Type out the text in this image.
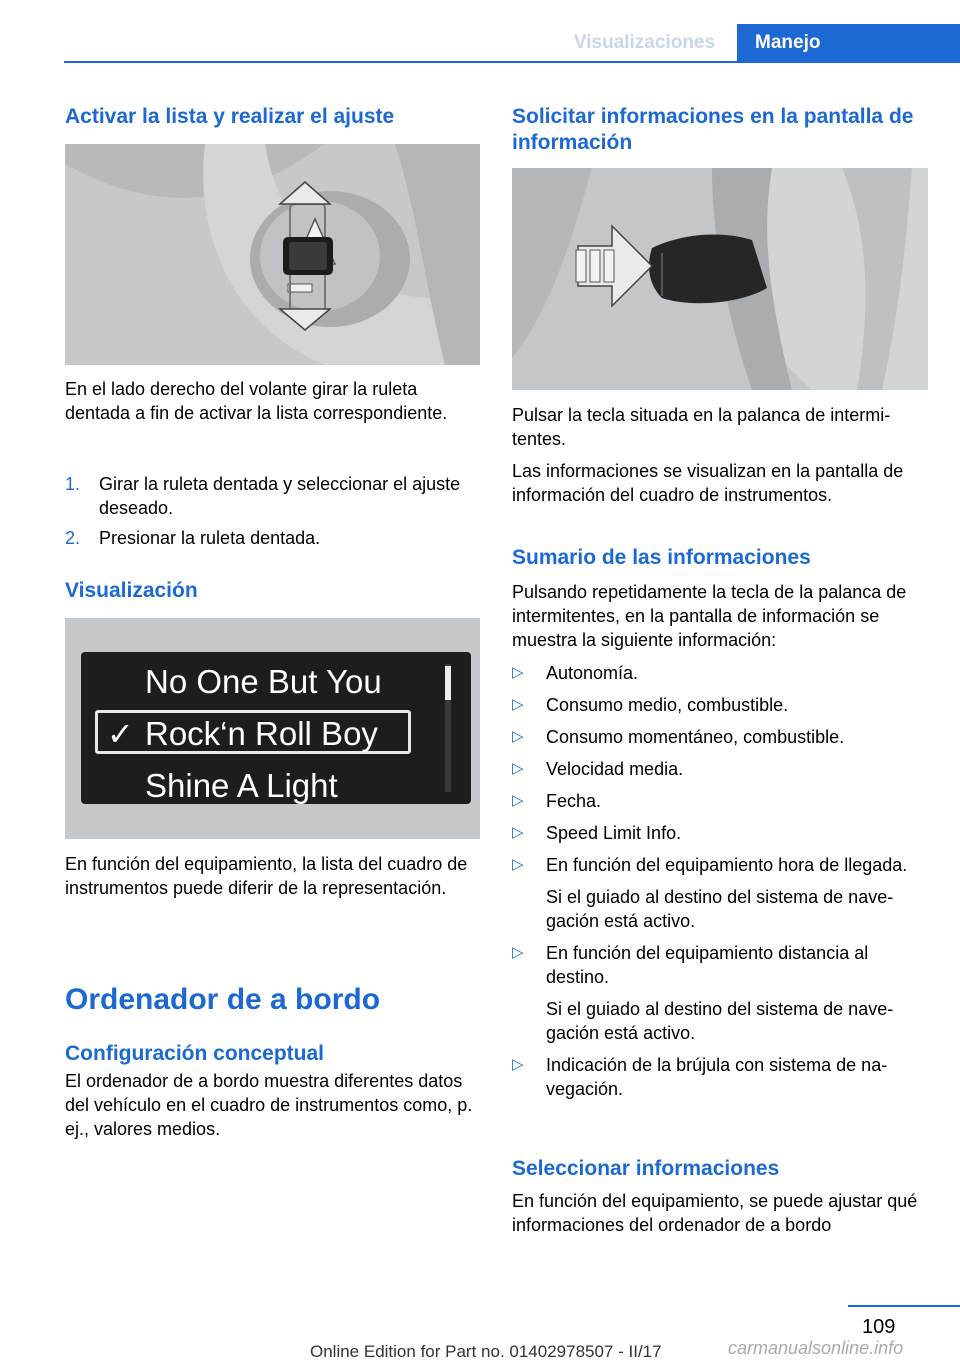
Visualizaciones	Manejo
Activar la lista y realizar el ajuste
En el lado derecho del volante girar la ruleta dentada a fin de activar la lista correspondiente.
1.	Girar la ruleta dentada y seleccionar el ajuste deseado.
2.	Presionar la ruleta dentada.
Visualización
No One But You
✓ Rock‘n Roll Boy
Shine A Light
En función del equipamiento, la lista del cuadro de instrumentos puede diferir de la representación.
Ordenador de a bordo
Configuración conceptual
El ordenador de a bordo muestra diferentes datos del vehículo en el cuadro de instrumentos como, p. ej., valores medios.
Solicitar informaciones en la pantalla de información
Pulsar la tecla situada en la palanca de intermitentes.
Las informaciones se visualizan en la pantalla de información del cuadro de instrumentos.
Sumario de las informaciones
Pulsando repetidamente la tecla de la palanca de intermitentes, en la pantalla de información se muestra la siguiente información:
▷	Autonomía.
▷	Consumo medio, combustible.
▷	Consumo momentáneo, combustible.
▷	Velocidad media.
▷	Fecha.
▷	Speed Limit Info.
▷	En función del equipamiento hora de llegada.
Si el guiado al destino del sistema de navegación está activo.
▷	En función del equipamiento distancia al destino.
Si el guiado al destino del sistema de navegación está activo.
▷	Indicación de la brújula con sistema de navegación.
Seleccionar informaciones
En función del equipamiento, se puede ajustar qué informaciones del ordenador de a bordo
109
Online Edition for Part no. 01402978507 - II/17	carmanualsonline.info
